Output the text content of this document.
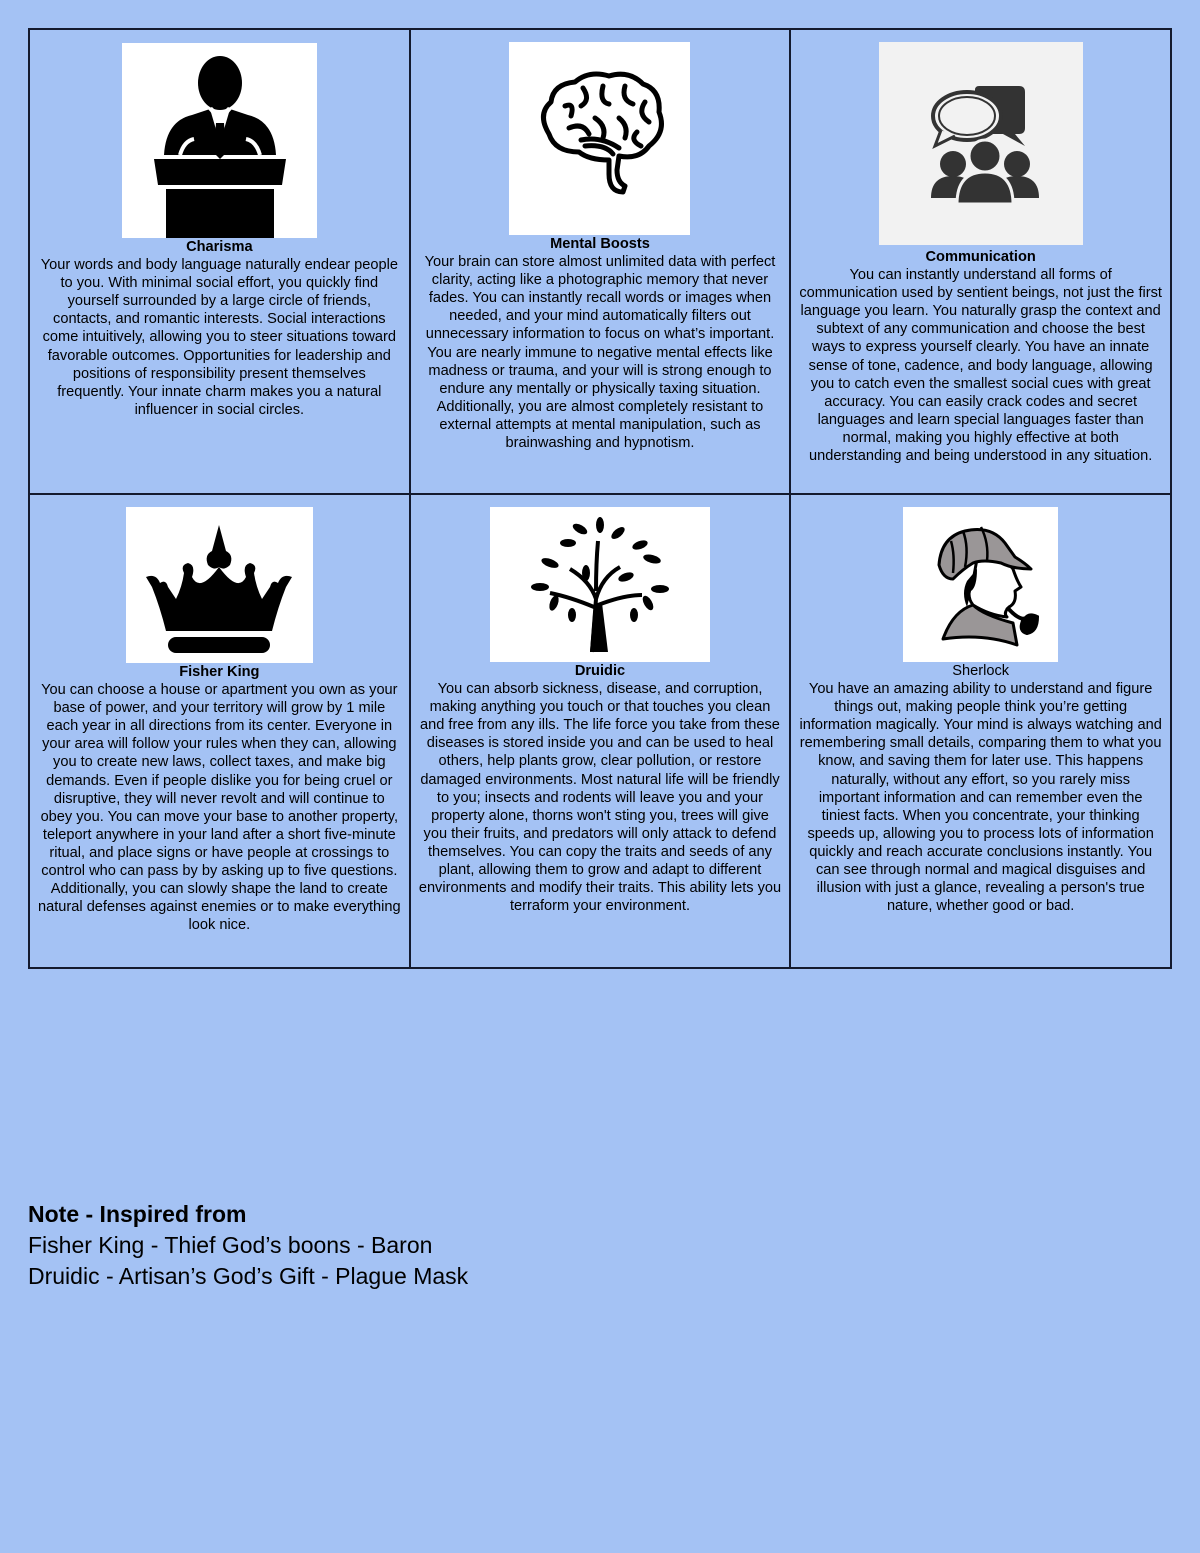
Charisma
Your words and body language naturally endear people to you. With minimal social effort, you quickly find yourself surrounded by a large circle of friends, contacts, and romantic interests. Social interactions come intuitively, allowing you to steer situations toward favorable outcomes. Opportunities for leadership and positions of responsibility present themselves frequently. Your innate charm makes you a natural influencer in social circles.

Mental Boosts
Your brain can store almost unlimited data with perfect clarity, acting like a photographic memory that never fades. You can instantly recall words or images when needed, and your mind automatically filters out unnecessary information to focus on what’s important. You are nearly immune to negative mental effects like madness or trauma, and your will is strong enough to endure any mentally or physically taxing situation. Additionally, you are almost completely resistant to external attempts at mental manipulation, such as brainwashing and hypnotism.

Communication
You can instantly understand all forms of communication used by sentient beings, not just the first language you learn. You naturally grasp the context and subtext of any communication and choose the best ways to express yourself clearly. You have an innate sense of tone, cadence, and body language, allowing you to catch even the smallest social cues with great accuracy. You can easily crack codes and secret languages and learn special languages faster than normal, making you highly effective at both understanding and being understood in any situation.

Fisher King
You can choose a house or apartment you own as your base of power, and your territory will grow by 1 mile each year in all directions from its center. Everyone in your area will follow your rules when they can, allowing you to create new laws, collect taxes, and make big demands. Even if people dislike you for being cruel or disruptive, they will never revolt and will continue to obey you. You can move your base to another property, teleport anywhere in your land after a short five-minute ritual, and place signs or have people at crossings to control who can pass by by asking up to five questions. Additionally, you can slowly shape the land to create natural defenses against enemies or to make everything look nice.

Druidic
You can absorb sickness, disease, and corruption, making anything you touch or that touches you clean and free from any ills. The life force you take from these diseases is stored inside you and can be used to heal others, help plants grow, clear pollution, or restore damaged environments. Most natural life will be friendly to you; insects and rodents will leave you and your property alone, thorns won't sting you, trees will give you their fruits, and predators will only attack to defend themselves. You can copy the traits and seeds of any plant, allowing them to grow and adapt to different environments and modify their traits. This ability lets you terraform your environment.

Sherlock
You have an amazing ability to understand and figure things out, making people think you’re getting information magically. Your mind is always watching and remembering small details, comparing them to what you know, and saving them for later use. This happens naturally, without any effort, so you rarely miss important information and can remember even the tiniest facts. When you concentrate, your thinking speeds up, allowing you to process lots of information quickly and reach accurate conclusions instantly. You can see through normal and magical disguises and illusion with just a glance, revealing a person's true nature, whether good or bad.
Note - Inspired from
Fisher King - Thief God’s boons - Baron
Druidic - Artisan’s God’s Gift - Plague Mask
